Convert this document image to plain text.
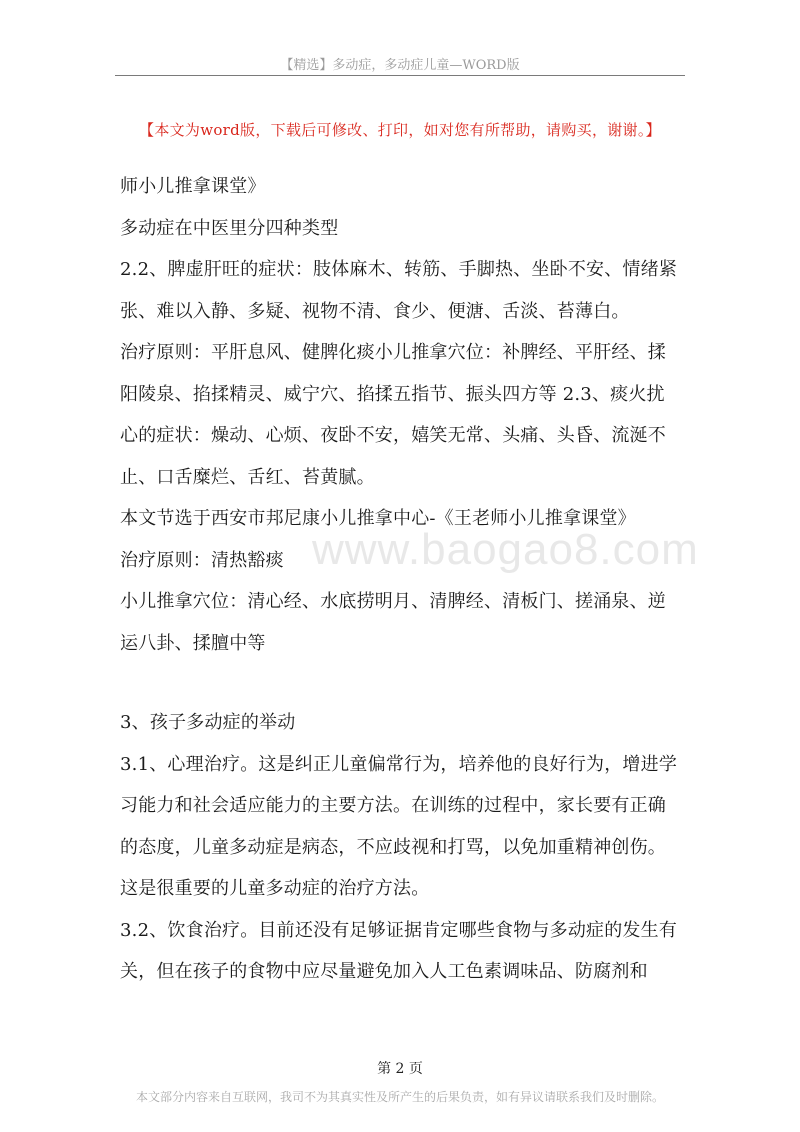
【精选】多动症，多动症儿童—WORD版
【本文为word版，下载后可修改、打印，如对您有所帮助，请购买，谢谢。】
www.baogao8.com

师小儿推拿课堂》

多动症在中医里分四种类型

2.2、脾虚肝旺的症状：肢体麻木、转筋、手脚热、坐卧不安、情绪紧张、难以入静、多疑、视物不清、食少、便溏、舌淡、苔薄白。

治疗原则：平肝息风、健脾化痰小儿推拿穴位：补脾经、平肝经、揉阳陵泉、掐揉精灵、威宁穴、掐揉五指节、振头四方等 2.3、痰火扰心的症状：燥动、心烦、夜卧不安，嬉笑无常、头痛、头昏、流涎不止、口舌糜烂、舌红、苔黄腻。

本文节选于西安市邦尼康小儿推拿中心-《王老师小儿推拿课堂》

治疗原则：清热豁痰

小儿推拿穴位：清心经、水底捞明月、清脾经、清板门、搓涌泉、逆运八卦、揉膻中等

3、孩子多动症的举动

3.1、心理治疗。这是纠正儿童偏常行为，培养他的良好行为，增进学习能力和社会适应能力的主要方法。在训练的过程中，家长要有正确的态度，儿童多动症是病态，不应歧视和打骂，以免加重精神创伤。这是很重要的儿童多动症的治疗方法。

3.2、饮食治疗。目前还没有足够证据肯定哪些食物与多动症的发生有关，但在孩子的食物中应尽量避免加入人工色素调味品、防腐剂和

第 2 页
本文部分内容来自互联网，我司不为其真实性及所产生的后果负责，如有异议请联系我们及时删除。
